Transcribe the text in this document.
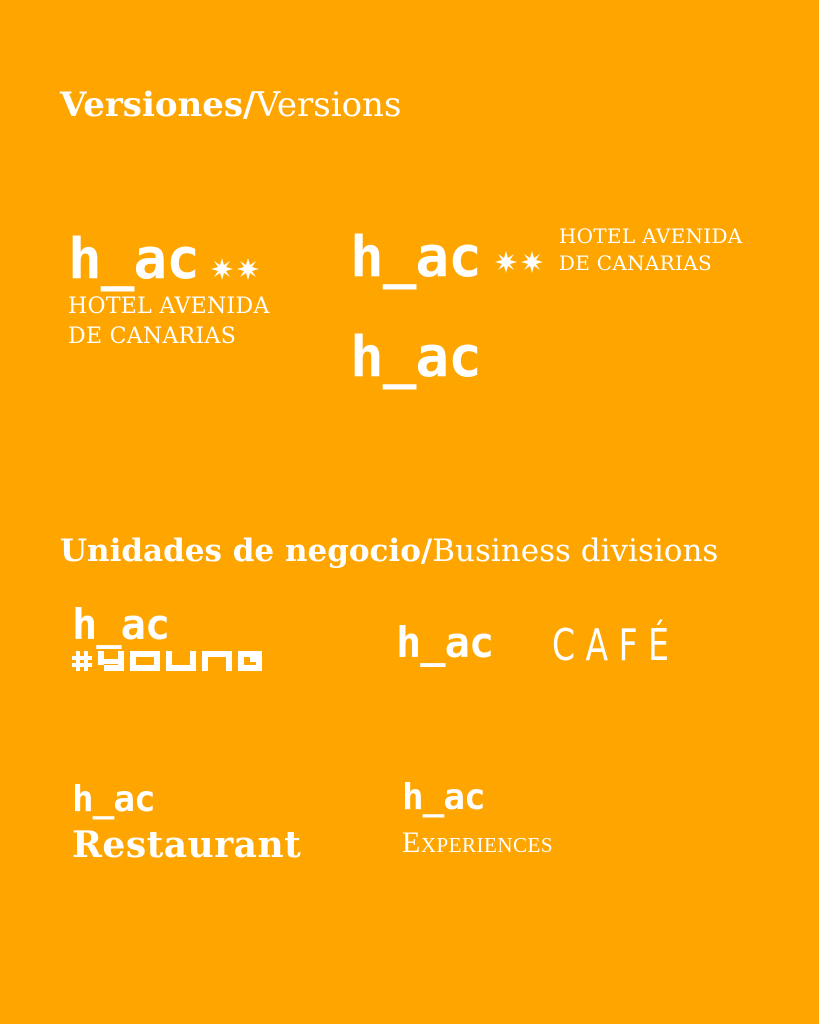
Versiones/Versions
h_ac
HOTEL AVENIDA
DE CANARIAS
h_ac	HOTEL AVENIDA
DE CANARIAS
h_ac
Unidades de negocio/Business divisions
h_ac	h_ac CAFÉ
h_ac
Restaurant
h_ac
Experiences
